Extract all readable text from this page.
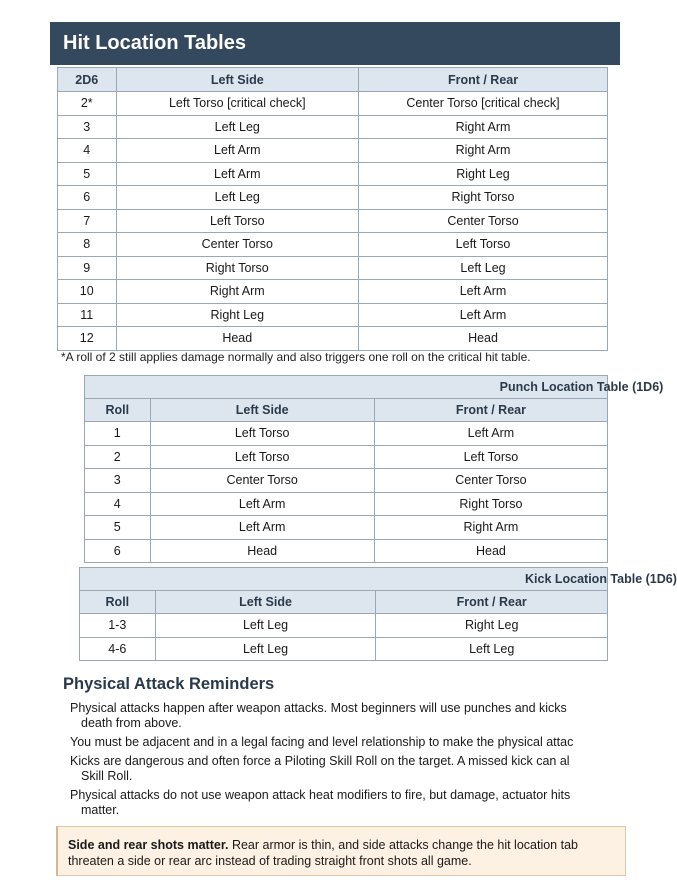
Hit Location Tables
2D6	Left Side	Front / Rear
2*	Left Torso [critical check]	Center Torso [critical check]
3	Left Leg	Right Arm
4	Left Arm	Right Arm
5	Left Arm	Right Leg
6	Left Leg	Right Torso
7	Left Torso	Center Torso
8	Center Torso	Left Torso
9	Right Torso	Left Leg
10	Right Arm	Left Arm
11	Right Leg	Left Arm
12	Head	Head
*A roll of 2 still applies damage normally and also triggers one roll on the critical hit table.
Punch Location Table (1D6)		
Roll	Left Side	Front / Rear
1	Left Torso	Left Arm
2	Left Torso	Left Torso
3	Center Torso	Center Torso
4	Left Arm	Right Torso
5	Left Arm	Right Arm
6	Head	Head
Kick Location Table (1D6)		
Roll	Left Side	Front / Rear
1-3	Left Leg	Right Leg
4-6	Left Leg	Left Leg
Physical Attack Reminders
Physical attacks happen after weapon attacks. Most beginners will use punches and kicks
death from above.
You must be adjacent and in a legal facing and level relationship to make the physical attac
Kicks are dangerous and often force a Piloting Skill Roll on the target. A missed kick can al
Skill Roll.
Physical attacks do not use weapon attack heat modifiers to fire, but damage, actuator hits
matter.
Side and rear shots matter. Rear armor is thin, and side attacks change the hit location tab
threaten a side or rear arc instead of trading straight front shots all game.
